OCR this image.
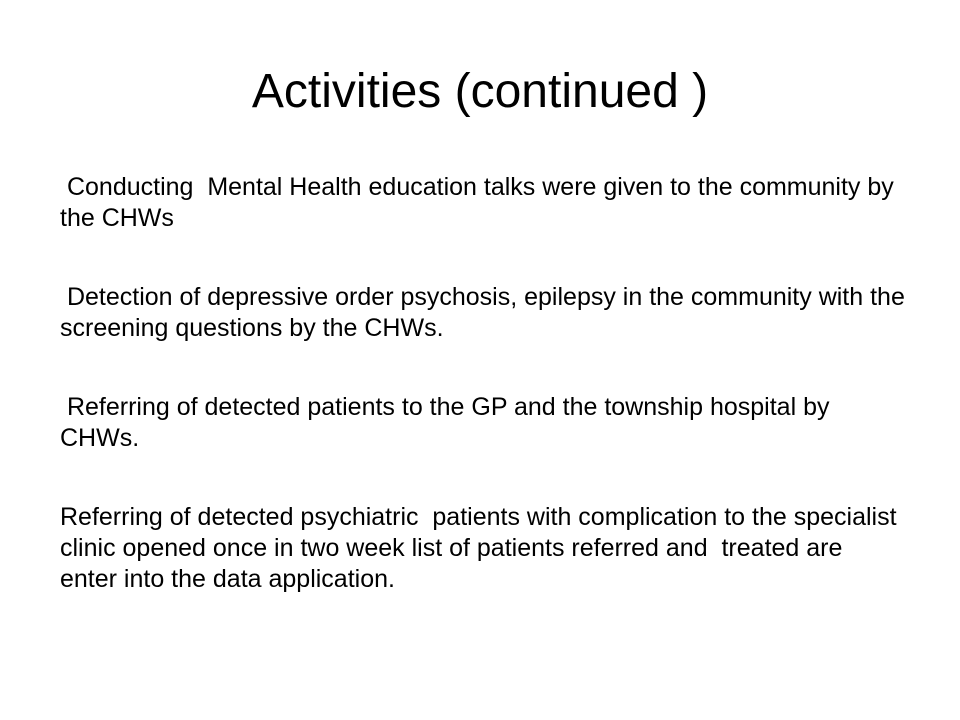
Activities (continued )

Conducting  Mental Health education talks were given to the community by the CHWs

Detection of depressive order psychosis, epilepsy in the community with the screening questions by the CHWs.

Referring of detected patients to the GP and the township hospital by CHWs.

Referring of detected psychiatric  patients with complication to the specialist  clinic opened once in two week list of patients referred and  treated are enter into the data application.
